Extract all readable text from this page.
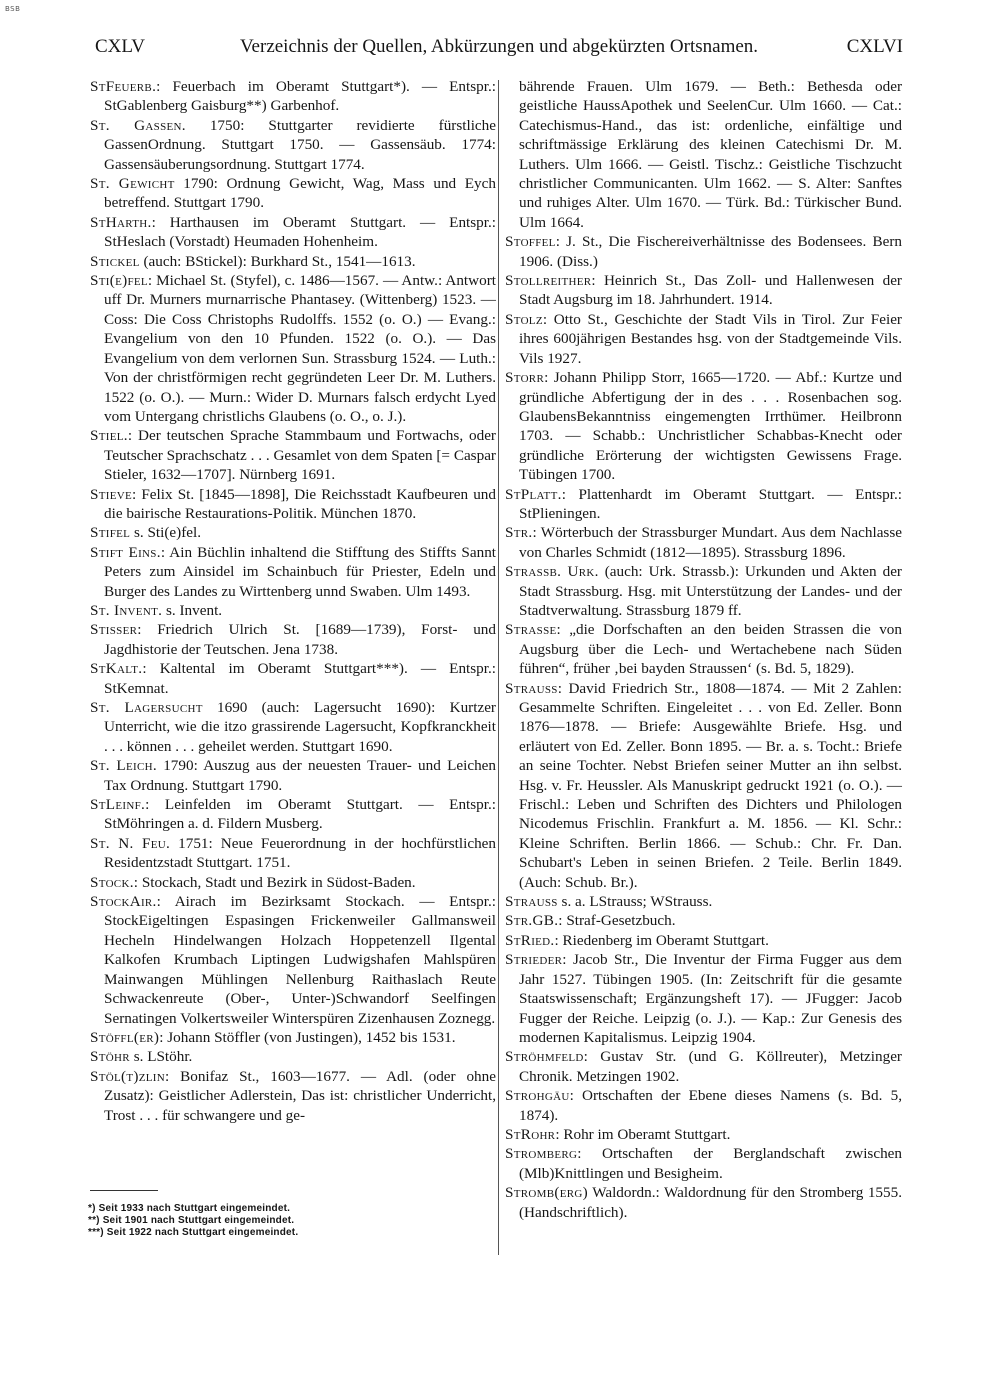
BSB
CXLV	Verzeichnis der Quellen, Abkürzungen und abgekürzten Ortsnamen.	CXLVI

StFeuerb.: Feuerbach im Oberamt Stuttgart*). — Entspr.: StGablenberg Gaisburg**) Garbenhof.

St. Gassen. 1750: Stuttgarter revidierte fürstliche GassenOrdnung. Stuttgart 1750. — Gassensäub. 1774: Gassensäuberungsordnung. Stuttgart 1774.

St. Gewicht 1790: Ordnung Gewicht, Wag, Mass und Eych betreffend. Stuttgart 1790.

StHarth.: Harthausen im Oberamt Stuttgart. — Entspr.: StHeslach (Vorstadt) Heumaden Hohenheim.

Stickel (auch: BStickel): Burkhard St., 1541—1613.

Sti(e)fel: Michael St. (Styfel), c. 1486—1567. — Antw.: Antwort uff Dr. Murners murnarrische Phantasey. (Wittenberg) 1523. — Coss: Die Coss Christophs Rudolffs. 1552 (o. O.) — Evang.: Evangelium von den 10 Pfunden. 1522 (o. O.). — Das Evangelium von dem verlornen Sun. Strassburg 1524. — Luth.: Von der christförmigen recht gegründeten Leer Dr. M. Luthers. 1522 (o. O.). — Murn.: Wider D. Murnars falsch erdycht Lyed vom Untergang christlichs Glaubens (o. O., o. J.).

Stiel.: Der teutschen Sprache Stammbaum und Fortwachs, oder Teutscher Sprachschatz . . . Gesamlet von dem Spaten [= Caspar Stieler, 1632—1707]. Nürnberg 1691.

Stieve: Felix St. [1845—1898], Die Reichsstadt Kaufbeuren und die bairische Restaurations-Politik. München 1870.

Stifel s. Sti(e)fel.

Stift Eins.: Ain Büchlin inhaltend die Stifftung des Stiffts Sannt Peters zum Ainsidel im Schainbuch für Priester, Edeln und Burger des Landes zu Wirttenberg unnd Swaben. Ulm 1493.

St. Invent. s. Invent.

Stisser: Friedrich Ulrich St. [1689—1739), Forst- und Jagdhistorie der Teutschen. Jena 1738.

StKalt.: Kaltental im Oberamt Stuttgart***). — Entspr.: StKemnat.

St. Lagersucht 1690 (auch: Lagersucht 1690): Kurtzer Unterricht, wie die itzo grassirende Lagersucht, Kopfkranckheit . . . können . . . geheilet werden. Stuttgart 1690.

St. Leich. 1790: Auszug aus der neuesten Trauer- und Leichen Tax Ordnung. Stuttgart 1790.

StLeinf.: Leinfelden im Oberamt Stuttgart. — Entspr.: StMöhringen a. d. Fildern Musberg.

St. N. Feu. 1751: Neue Feuerordnung in der hochfürstlichen Residentzstadt Stuttgart. 1751.

Stock.: Stockach, Stadt und Bezirk in Südost-Baden.

StockAir.: Airach im Bezirksamt Stockach. — Entspr.: StockEigeltingen Espasingen Frickenweiler Gallmansweil Hecheln Hindelwangen Holzach Hoppetenzell Ilgental Kalkofen Krumbach Liptingen Ludwigshafen Mahlspüren Mainwangen Mühlingen Nellenburg Raithaslach Reute Schwackenreute (Ober-, Unter-)Schwandorf Seelfingen Sernatingen Volkertsweiler Winterspüren Zizenhausen Zoznegg.

Stöffl(er): Johann Stöffler (von Justingen), 1452 bis 1531.

Stöhr s. LStöhr.

Stöl(t)zlin: Bonifaz St., 1603—1677. — Adl. (oder ohne Zusatz): Geistlicher Adlerstein, Das ist: christlicher Underricht, Trost . . . für schwangere und ge-

bährende Frauen. Ulm 1679. — Beth.: Bethesda oder geistliche HaussApothek und SeelenCur. Ulm 1660. — Cat.: Catechismus-Hand., das ist: ordenliche, einfältige und schriftmässige Erklärung des kleinen Catechismi Dr. M. Luthers. Ulm 1666. — Geistl. Tischz.: Geistliche Tischzucht christlicher Communicanten. Ulm 1662. — S. Alter: Sanftes und ruhiges Alter. Ulm 1670. — Türk. Bd.: Türkischer Bund. Ulm 1664.

Stoffel: J. St., Die Fischereiverhältnisse des Bodensees. Bern 1906. (Diss.)

Stollreither: Heinrich St., Das Zoll- und Hallenwesen der Stadt Augsburg im 18. Jahrhundert. 1914.

Stolz: Otto St., Geschichte der Stadt Vils in Tirol. Zur Feier ihres 600jährigen Bestandes hsg. von der Stadtgemeinde Vils. Vils 1927.

Storr: Johann Philipp Storr, 1665—1720. — Abf.: Kurtze und gründliche Abfertigung der in des . . . Rosenbachen sog. GlaubensBekanntniss eingemengten Irrthümer. Heilbronn 1703. — Schabb.: Unchristlicher Schabbas-Knecht oder gründliche Erörterung der wichtigsten Gewissens Frage. Tübingen 1700.

StPlatt.: Plattenhardt im Oberamt Stuttgart. — Entspr.: StPlieningen.

Str.: Wörterbuch der Strassburger Mundart. Aus dem Nachlasse von Charles Schmidt (1812—1895). Strassburg 1896.

Strassb. Urk. (auch: Urk. Strassb.): Urkunden und Akten der Stadt Strassburg. Hsg. mit Unterstützung der Landes- und der Stadtverwaltung. Strassburg 1879 ff.

Strasse: „die Dorfschaften an den beiden Strassen die von Augsburg über die Lech- und Wertachebene nach Süden führen“, früher ‚bei bayden Straussen‘ (s. Bd. 5, 1829).

Strauss: David Friedrich Str., 1808—1874. — Mit 2 Zahlen: Gesammelte Schriften. Eingeleitet . . . von Ed. Zeller. Bonn 1876—1878. — Briefe: Ausgewählte Briefe. Hsg. und erläutert von Ed. Zeller. Bonn 1895. — Br. a. s. Tocht.: Briefe an seine Tochter. Nebst Briefen seiner Mutter an ihn selbst. Hsg. v. Fr. Heussler. Als Manuskript gedruckt 1921 (o. O.). — Frischl.: Leben und Schriften des Dichters und Philologen Nicodemus Frischlin. Frankfurt a. M. 1856. — Kl. Schr.: Kleine Schriften. Berlin 1866. — Schub.: Chr. Fr. Dan. Schubart's Leben in seinen Briefen. 2 Teile. Berlin 1849. (Auch: Schub. Br.).

Strauss s. a. LStrauss; WStrauss.

Str.GB.: Straf-Gesetzbuch.

StRied.: Riedenberg im Oberamt Stuttgart.

Strieder: Jacob Str., Die Inventur der Firma Fugger aus dem Jahr 1527. Tübingen 1905. (In: Zeitschrift für die gesamte Staatswissenschaft; Ergänzungsheft 17). — JFugger: Jacob Fugger der Reiche. Leipzig (o. J.). — Kap.: Zur Genesis des modernen Kapitalismus. Leipzig 1904.

Ströhmfeld: Gustav Str. (und G. Köllreuter), Metzinger Chronik. Metzingen 1902.

Strohgäu: Ortschaften der Ebene dieses Namens (s. Bd. 5, 1874).

StRohr: Rohr im Oberamt Stuttgart.

Stromberg: Ortschaften der Berglandschaft zwischen (Mlb)Knittlingen und Besigheim.

Stromb(erg) Waldordn.: Waldordnung für den Stromberg 1555. (Handschriftlich).

*) Seit 1933 nach Stuttgart eingemeindet.
**) Seit 1901 nach Stuttgart eingemeindet.
***) Seit 1922 nach Stuttgart eingemeindet.
